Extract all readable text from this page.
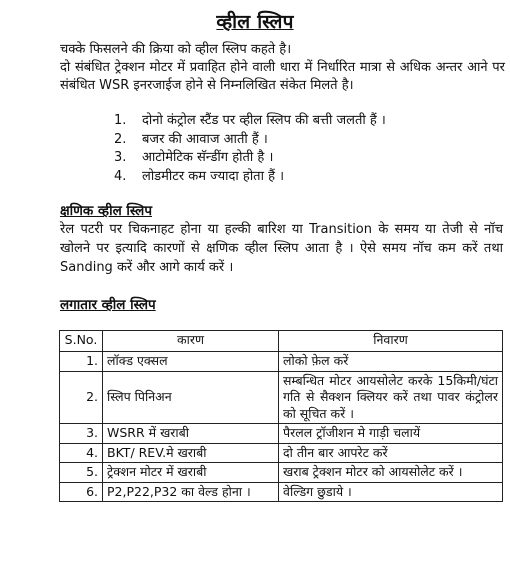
व्हील स्लिप

चक्के फिसलने की क्रिया को व्हील स्लिप कहते है।

दो संबंधित ट्रेक्शन मोटर में प्रवाहित होने वाली धारा में निर्धारित मात्रा से अधिक अन्तर आने पर संबंधित WSR इनरजाईज होने से निम्नलिखित संकेत मिलते है।

1.	दोनो कंट्रोल स्टैंड पर व्हील स्लिप की बत्ती जलती हैं ।
2.	बजर की आवाज आती हैं ।
3.	आटोमेटिक सॅन्डींग होती है ।
4.	लोडमीटर कम ज्यादा होता हैं ।
क्षणिक व्हील स्लिप
रेल पटरी पर चिकनाहट होना या हल्की बारिश या Transition के समय या तेजी से नॉच खोलने पर इत्यादि कारणों से क्षणिक व्हील स्लिप आता है । ऐसे समय नॉच कम करें तथा Sanding करें और आगे कार्य करें ।
लगातार व्हील स्लिप
S.No.	कारण	निवारण
1.	लॉक्ड एक्सल	लोको फ़ेल करें
2.	स्लिप पिनिअन	सम्बन्धित मोटर आयसोलेट करके 15किमी/घंटा गति से सैक्शन क्लियर करें तथा पावर कंट्रोलर को सूचित करें ।
3.	WSRR में खराबी	पैरलल ट्रॉजीशन मे गाड़ी चलायें
4.	BKT/ REV.मे खराबी	दो तीन बार आपरेट करें
5.	ट्रेक्शन मोटर में खराबी	खराब ट्रेक्शन मोटर को आयसोलेट करें ।
6.	P2,P22,P32 का वेल्ड होना ।	वेल्डिग छुडाये ।
